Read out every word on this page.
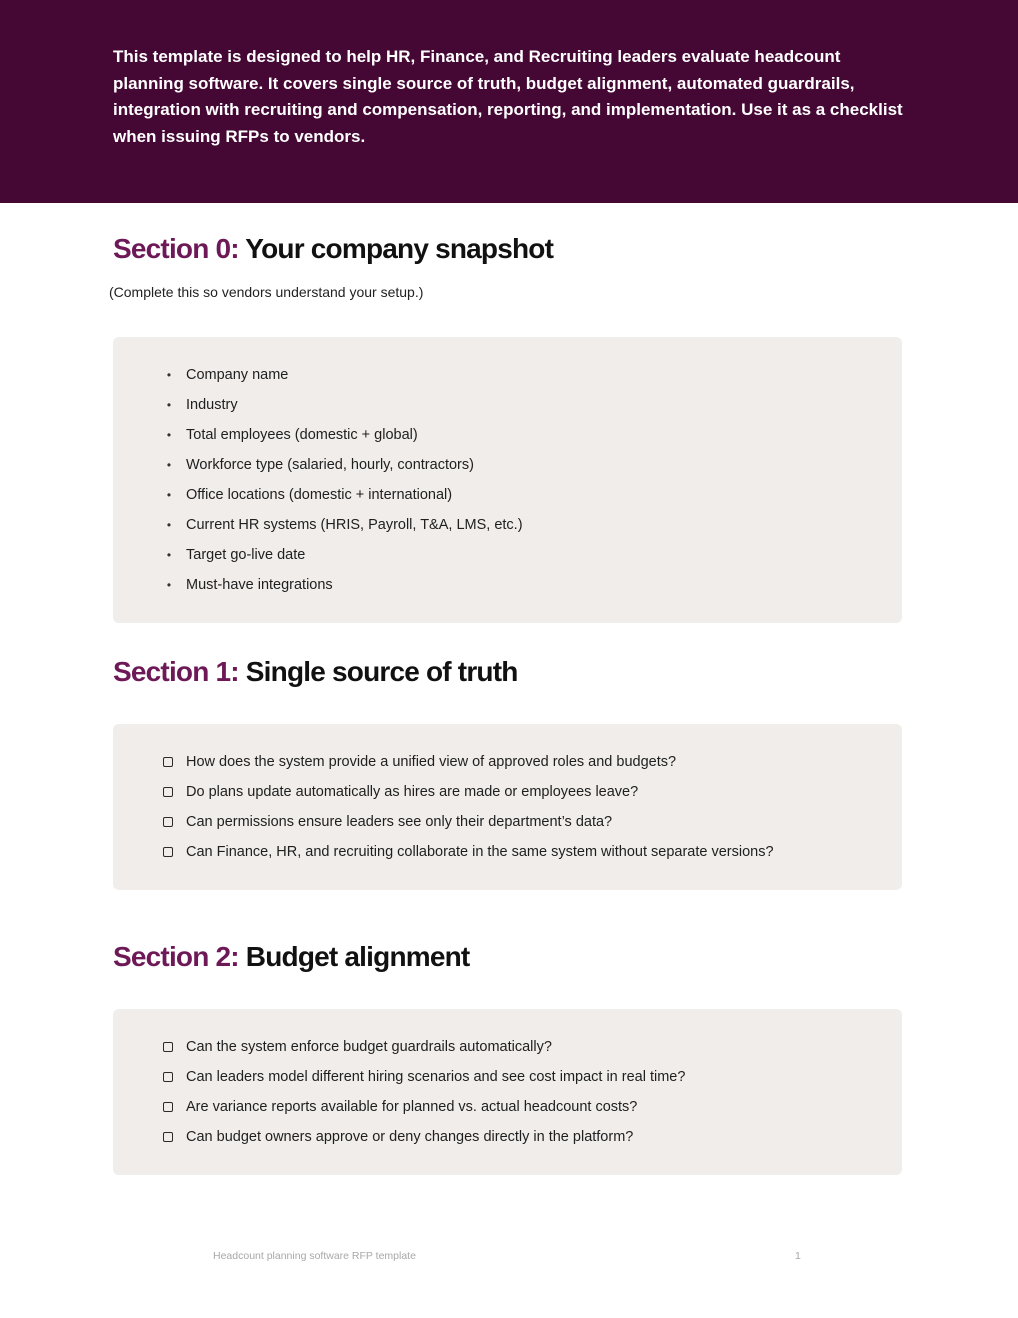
This template is designed to help HR, Finance, and Recruiting leaders evaluate headcount planning software. It covers single source of truth, budget alignment, automated guardrails, integration with recruiting and compensation, reporting, and implementation. Use it as a checklist when issuing RFPs to vendors.

Section 0: Your company snapshot

(Complete this so vendors understand your setup.)

• Company name
• Industry
• Total employees (domestic + global)
• Workforce type (salaried, hourly, contractors)
• Office locations (domestic + international)
• Current HR systems (HRIS, Payroll, T&A, LMS, etc.)
• Target go-live date
• Must-have integrations
Section 1: Single source of truth
How does the system provide a unified view of approved roles and budgets?
Do plans update automatically as hires are made or employees leave?
Can permissions ensure leaders see only their department’s data?
Can Finance, HR, and recruiting collaborate in the same system without separate versions?
Section 2: Budget alignment
Can the system enforce budget guardrails automatically?
Can leaders model different hiring scenarios and see cost impact in real time?
Are variance reports available for planned vs. actual headcount costs?
Can budget owners approve or deny changes directly in the platform?
Headcount planning software RFP template	1
